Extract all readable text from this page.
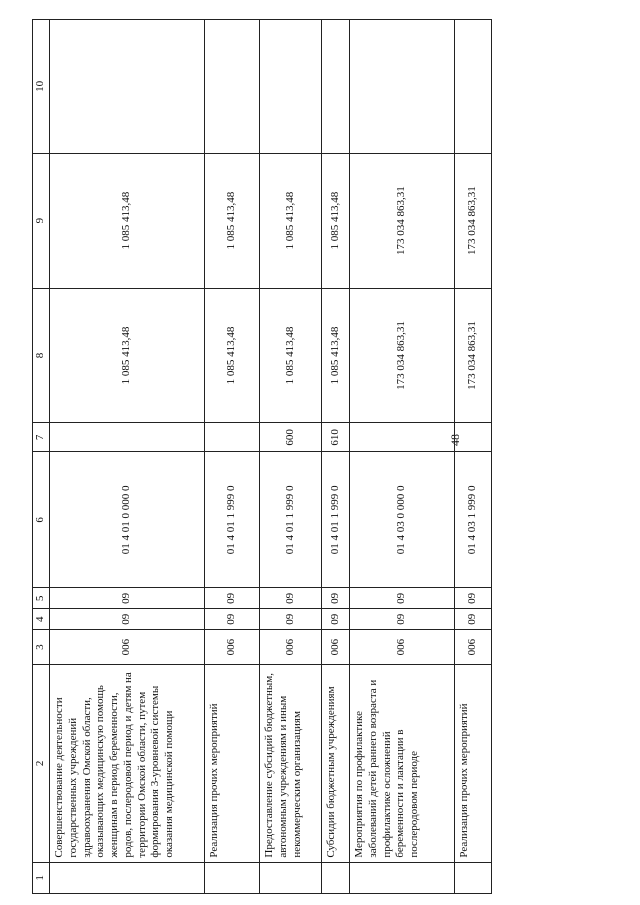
48
1	2	3	4	5	6	7	8	9	10
	Совершенствование деятельности государственных учреждений здравоохранения Омской области, оказывающих медицинскую помощь женщинам в период беременности, родов, послеродовой период и детям на территории Омской области, путем формирования 3-уровневой системы оказания медицинской помощи	006	09	09	01 4 01 0 000 0		1 085 413,48	1 085 413,48	
	Реализация прочих мероприятий	006	09	09	01 4 01 1 999 0		1 085 413,48	1 085 413,48	
	Предоставление субсидий бюджетным, автономным учреждениям и иным некоммерческим организациям	006	09	09	01 4 01 1 999 0	600	1 085 413,48	1 085 413,48	
	Субсидии бюджетным учреждениям	006	09	09	01 4 01 1 999 0	610	1 085 413,48	1 085 413,48	
	Мероприятия по профилактике заболеваний детей раннего возраста и профилактике осложнений беременности и лактации в послеродовом периоде	006	09	09	01 4 03 0 000 0		173 034 863,31	173 034 863,31	
	Реализация прочих мероприятий	006	09	09	01 4 03 1 999 0		173 034 863,31	173 034 863,31	
